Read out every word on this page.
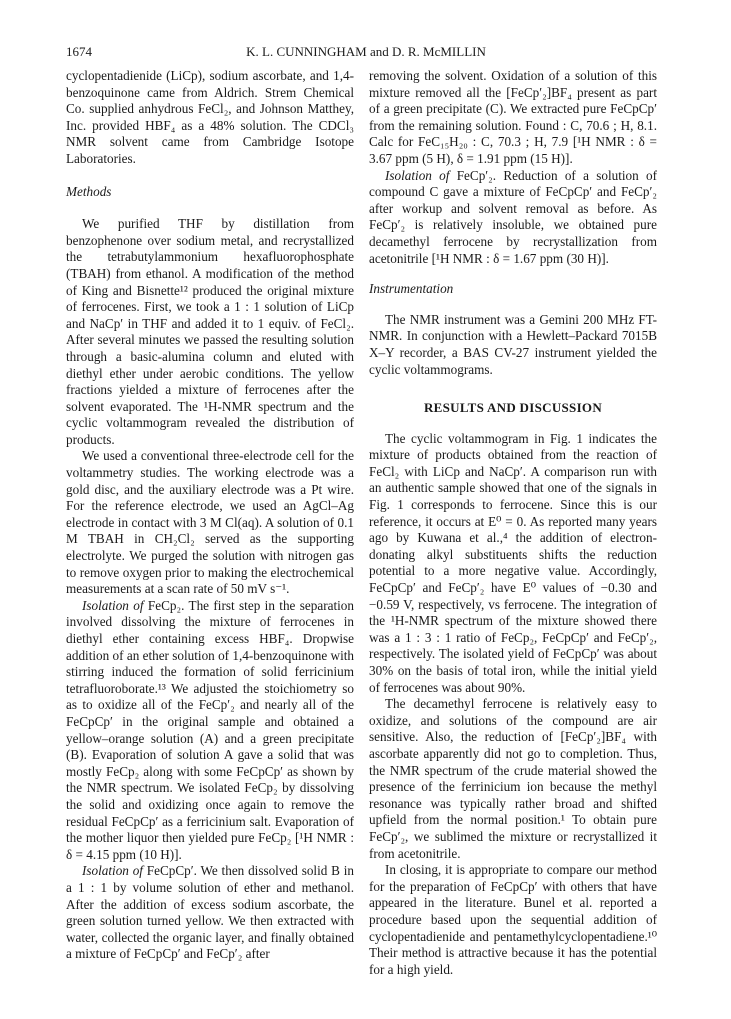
1674	K. L. CUNNINGHAM and D. R. McMILLIN

cyclopentadienide (LiCp), sodium ascorbate, and 1,4-benzoquinone came from Aldrich. Strem Chemical Co. supplied anhydrous FeCl₂, and Johnson Matthey, Inc. provided HBF₄ as a 48% solution. The CDCl₃ NMR solvent came from Cambridge Isotope Laboratories.

Methods

We purified THF by distillation from benzophenone over sodium metal, and recrystallized the tetrabutylammonium hexafluorophosphate (TBAH) from ethanol. A modification of the method of King and Bisnette¹² produced the original mixture of ferrocenes. First, we took a 1 : 1 solution of LiCp and NaCp′ in THF and added it to 1 equiv. of FeCl₂. After several minutes we passed the resulting solution through a basic-alumina column and eluted with diethyl ether under aerobic conditions. The yellow fractions yielded a mixture of ferrocenes after the solvent evaporated. The ¹H-NMR spectrum and the cyclic voltammogram revealed the distribution of products.

We used a conventional three-electrode cell for the voltammetry studies. The working electrode was a gold disc, and the auxiliary electrode was a Pt wire. For the reference electrode, we used an AgCl–Ag electrode in contact with 3 M Cl(aq). A solution of 0.1 M TBAH in CH₂Cl₂ served as the supporting electrolyte. We purged the solution with nitrogen gas to remove oxygen prior to making the electrochemical measurements at a scan rate of 50 mV s⁻¹.

Isolation of FeCp₂. The first step in the separation involved dissolving the mixture of ferrocenes in diethyl ether containing excess HBF₄. Dropwise addition of an ether solution of 1,4-benzoquinone with stirring induced the formation of solid ferricinium tetrafluoroborate.¹³ We adjusted the stoichiometry so as to oxidize all of the FeCp′₂ and nearly all of the FeCpCp′ in the original sample and obtained a yellow–orange solution (A) and a green precipitate (B). Evaporation of solution A gave a solid that was mostly FeCp₂ along with some FeCpCp′ as shown by the NMR spectrum. We isolated FeCp₂ by dissolving the solid and oxidizing once again to remove the residual FeCpCp′ as a ferricinium salt. Evaporation of the mother liquor then yielded pure FeCp₂ [¹H NMR : δ = 4.15 ppm (10 H)].

Isolation of FeCpCp′. We then dissolved solid B in a 1 : 1 by volume solution of ether and methanol. After the addition of excess sodium ascorbate, the green solution turned yellow. We then extracted with water, collected the organic layer, and finally obtained a mixture of FeCpCp′ and FeCp′₂ after

removing the solvent. Oxidation of a solution of this mixture removed all the [FeCp′₂]BF₄ present as part of a green precipitate (C). We extracted pure FeCpCp′ from the remaining solution. Found : C, 70.6 ; H, 8.1. Calc for FeC₁₅H₂₀ : C, 70.3 ; H, 7.9 [¹H NMR : δ = 3.67 ppm (5 H), δ = 1.91 ppm (15 H)].

Isolation of FeCp′₂. Reduction of a solution of compound C gave a mixture of FeCpCp′ and FeCp′₂ after workup and solvent removal as before. As FeCp′₂ is relatively insoluble, we obtained pure decamethyl ferrocene by recrystallization from acetonitrile [¹H NMR : δ = 1.67 ppm (30 H)].

Instrumentation

The NMR instrument was a Gemini 200 MHz FT-NMR. In conjunction with a Hewlett–Packard 7015B X–Y recorder, a BAS CV-27 instrument yielded the cyclic voltammograms.

RESULTS AND DISCUSSION

The cyclic voltammogram in Fig. 1 indicates the mixture of products obtained from the reaction of FeCl₂ with LiCp and NaCp′. A comparison run with an authentic sample showed that one of the signals in Fig. 1 corresponds to ferrocene. Since this is our reference, it occurs at E⁰ = 0. As reported many years ago by Kuwana et al.,⁴ the addition of electron-donating alkyl substituents shifts the reduction potential to a more negative value. Accordingly, FeCpCp′ and FeCp′₂ have E⁰ values of −0.30 and −0.59 V, respectively, vs ferrocene. The integration of the ¹H-NMR spectrum of the mixture showed there was a 1 : 3 : 1 ratio of FeCp₂, FeCpCp′ and FeCp′₂, respectively. The isolated yield of FeCpCp′ was about 30% on the basis of total iron, while the initial yield of ferrocenes was about 90%.

The decamethyl ferrocene is relatively easy to oxidize, and solutions of the compound are air sensitive. Also, the reduction of [FeCp′₂]BF₄ with ascorbate apparently did not go to completion. Thus, the NMR spectrum of the crude material showed the presence of the ferrinicium ion because the methyl resonance was typically rather broad and shifted upfield from the normal position.¹ To obtain pure FeCp′₂, we sublimed the mixture or recrystallized it from acetonitrile.

In closing, it is appropriate to compare our method for the preparation of FeCpCp′ with others that have appeared in the literature. Bunel et al. reported a procedure based upon the sequential addition of cyclopentadienide and pentamethylcyclopentadiene.¹⁰ Their method is attractive because it has the potential for a high yield.
